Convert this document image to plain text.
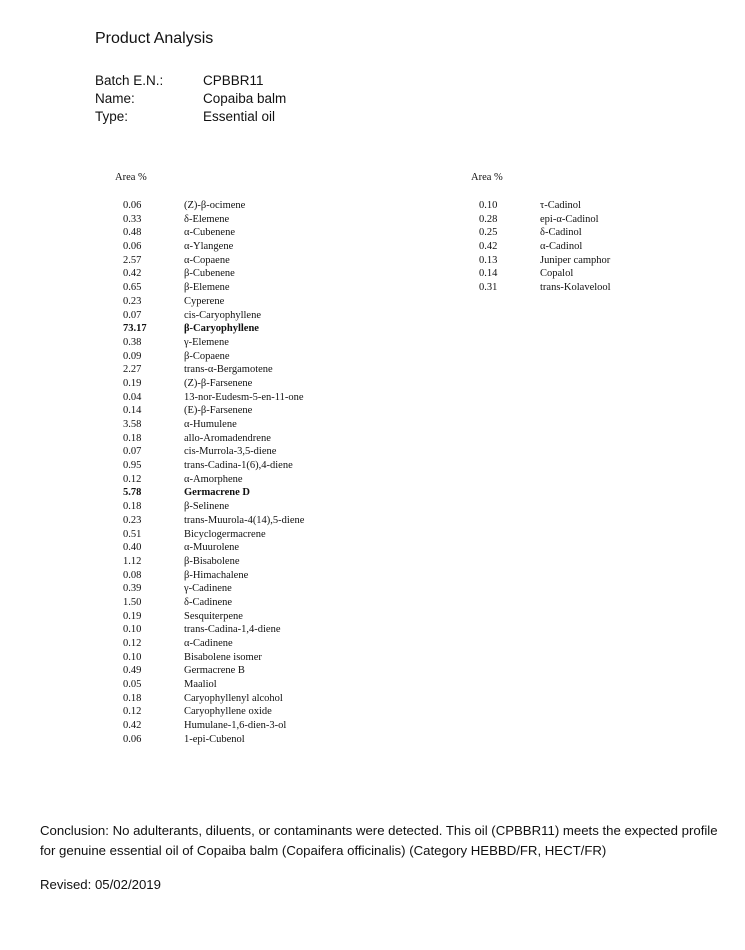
Product Analysis
Batch E.N.:	CPBBR11
Name:	Copaiba balm
Type:	Essential oil
Area %	Area %
0.06	(Z)-β-ocimene
0.33	δ-Elemene
0.48	α-Cubenene
0.06	α-Ylangene
2.57	α-Copaene
0.42	β-Cubenene
0.65	β-Elemene
0.23	Cyperene
0.07	cis-Caryophyllene
73.17	β-Caryophyllene
0.38	γ-Elemene
0.09	β-Copaene
2.27	trans-α-Bergamotene
0.19	(Z)-β-Farsenene
0.04	13-nor-Eudesm-5-en-11-one
0.14	(E)-β-Farsenene
3.58	α-Humulene
0.18	allo-Aromadendrene
0.07	cis-Murrola-3,5-diene
0.95	trans-Cadina-1(6),4-diene
0.12	α-Amorphene
5.78	Germacrene D
0.18	β-Selinene
0.23	trans-Muurola-4(14),5-diene
0.51	Bicyclogermacrene
0.40	α-Muurolene
1.12	β-Bisabolene
0.08	β-Himachalene
0.39	γ-Cadinene
1.50	δ-Cadinene
0.19	Sesquiterpene
0.10	trans-Cadina-1,4-diene
0.12	α-Cadinene
0.10	Bisabolene isomer
0.49	Germacrene B
0.05	Maaliol
0.18	Caryophyllenyl alcohol
0.12	Caryophyllene oxide
0.42	Humulane-1,6-dien-3-ol
0.06	1-epi-Cubenol
0.10	τ-Cadinol
0.28	epi-α-Cadinol
0.25	δ-Cadinol
0.42	α-Cadinol
0.13	Juniper camphor
0.14	Copalol
0.31	trans-Kolavelool
Conclusion: No adulterants, diluents, or contaminants were detected. This oil (CPBBR11) meets the expected profile for genuine essential oil of Copaiba balm (Copaifera officinalis) (Category HEBBD/FR, HECT/FR)
Revised: 05/02/2019
